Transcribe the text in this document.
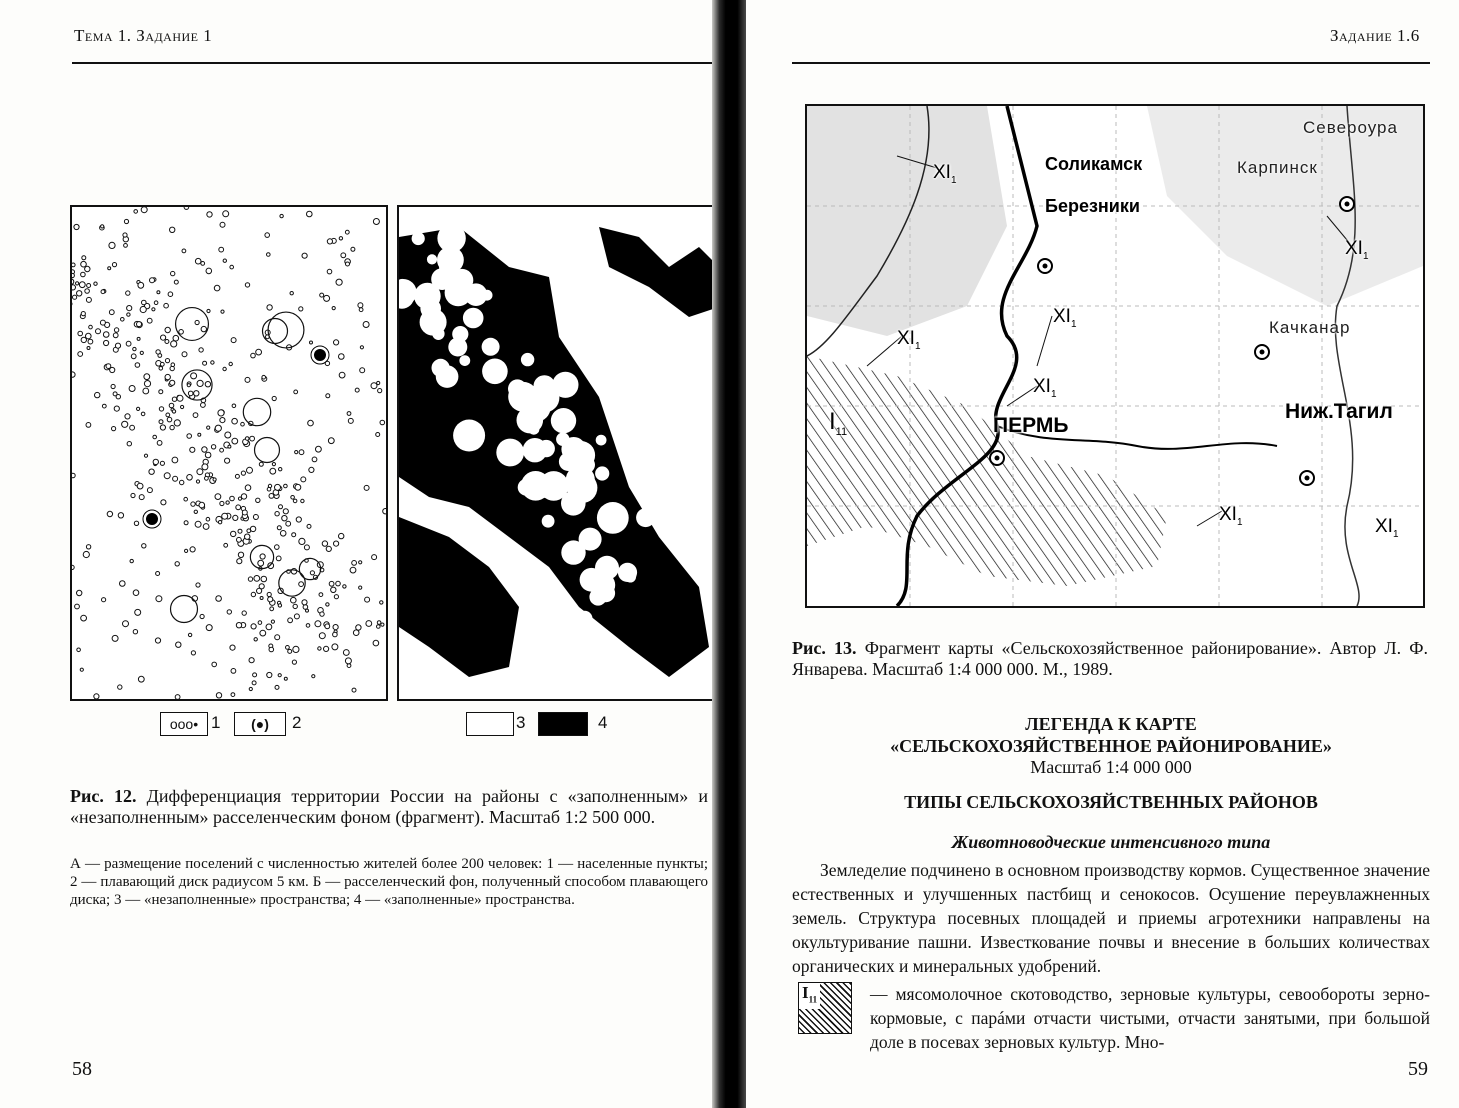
Тема 1. Задание 1
ооо• 1	(●)	2	3	4
Рис. 12. Дифференциация территории России на районы с «заполненным» и «незаполненным» расселенческим фоном (фрагмент). Масштаб 1:2 500 000.
А — размещение поселений с численностью жителей более 200 человек: 1 — населенные пункты; 2 — плавающий диск радиусом 5 км. Б — расселенческий фон, полученный способом плавающего диска; 3 — «незаполненные» пространства; 4 — «заполненные» пространства.
58
Задание 1.6
Соликамск
Березники
ПЕРМЬ
Ниж.Тагил
Карпинск
Качканар
Североура
$XI_1$
$XI_1$
$XI_1$
$XI_1$
$XI_1$
$XI_1$	$XI_1$
$I_{11}$
Рис. 13. Фрагмент карты «Сельскохозяйственное районирование». Автор Л. Ф. Январева. Масштаб 1:4 000 000. М., 1989.
ЛЕГЕНДА К КАРТЕ
«СЕЛЬСКОХОЗЯЙСТВЕННОЕ РАЙОНИРОВАНИЕ»
Масштаб 1:4 000 000
ТИПЫ СЕЛЬСКОХОЗЯЙСТВЕННЫХ РАЙОНОВ
Животноводческие интенсивного типа
Земледелие подчинено в основном производству кормов. Существенное значение естественных и улучшенных пастбищ и сенокосов. Осушение переувлажненных земель. Структура посевных площадей и приемы агротехники направлены на окультуривание пашни. Известкование почвы и внесение в больших количествах органических и минеральных удобрений.
$I_{11}$	— мясомолочное скотоводство, зерновые культуры, севообороты зерно-кормовые, с парáми отчасти чистыми, отчасти занятыми, при большой доле в посевах зерновых культур. Мно-
59
